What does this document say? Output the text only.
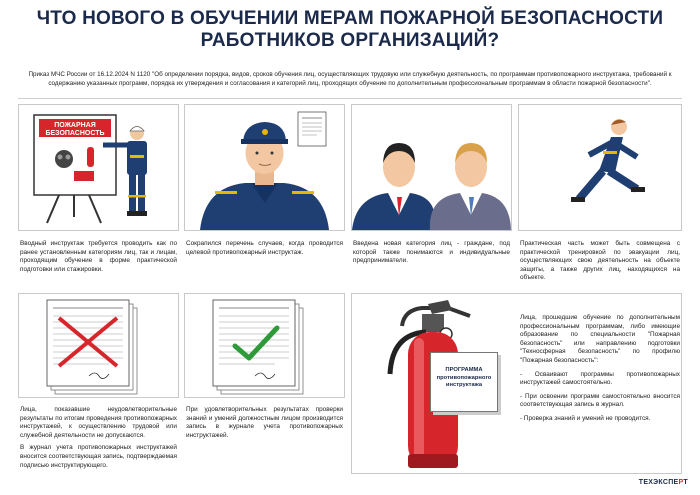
ЧТО НОВОГО В ОБУЧЕНИИ МЕРАМ ПОЖАРНОЙ БЕЗОПАСНОСТИ
РАБОТНИКОВ ОРГАНИЗАЦИЙ?
Приказ МЧС России от 16.12.2024 N 1120 "Об определении порядка, видов, сроков обучения лиц, осуществляющих трудовую или служебную деятельность, по программам противопожарного инструктажа, требований к содержанию указанных программ, порядка их утверждения и согласования и категорий лиц, проходящих обучение по дополнительным профессиональным программам в области пожарной безопасности".
ПОЖАРНАЯ
БЕЗОПАСНОСТЬ
Вводный инструктаж требуется проводить как по ранее установленным категориям лиц, так и лицам, проходящим обучение в форме практической подготовки или стажировки.
Сокрапился перечень случаев, когда проводится целевой противопожарный инструктаж.
Введена новая категория лиц - граждане, под которой также понимаются и индивидуальные предприниматели.
Практическая часть может быть совмещена с практической тренировкой по эвакуации лиц, осуществляющих свою деятельность на объекте защиты, а также других лиц, находящихся на объекте.

Лица, показавшие неудовлетворительные результаты по итогам проведения противопожарных инструктажей, к осуществлению трудовой или служебной деятельности не допускаются.

В журнал учета противопожарных инструктажей вносится соответствующая запись, подтверждаемая подписью инструктирующего.

При удовлетворительных результатах проверки знаний и умений должностным лицом производится запись в журнале учета противопожарных инструктажей.
ПРОГРАММА противопожарного инструктажа

Лица, прошедшие обучение по дополнительным профессиональным программам, либо имеющие образование по специальности "Пожарная безопасность" или направлению подготовки "Техносферная безопасность" по профилю "Пожарная безопасность":

- Осваивают программы противопожарных инструктажей самостоятельно.

- При освоении программ самостоятельно вносится соответствующая запись в журнал.

- Проверка знаний и умений не проводится.

ТЕХЭКСПЕРТ
